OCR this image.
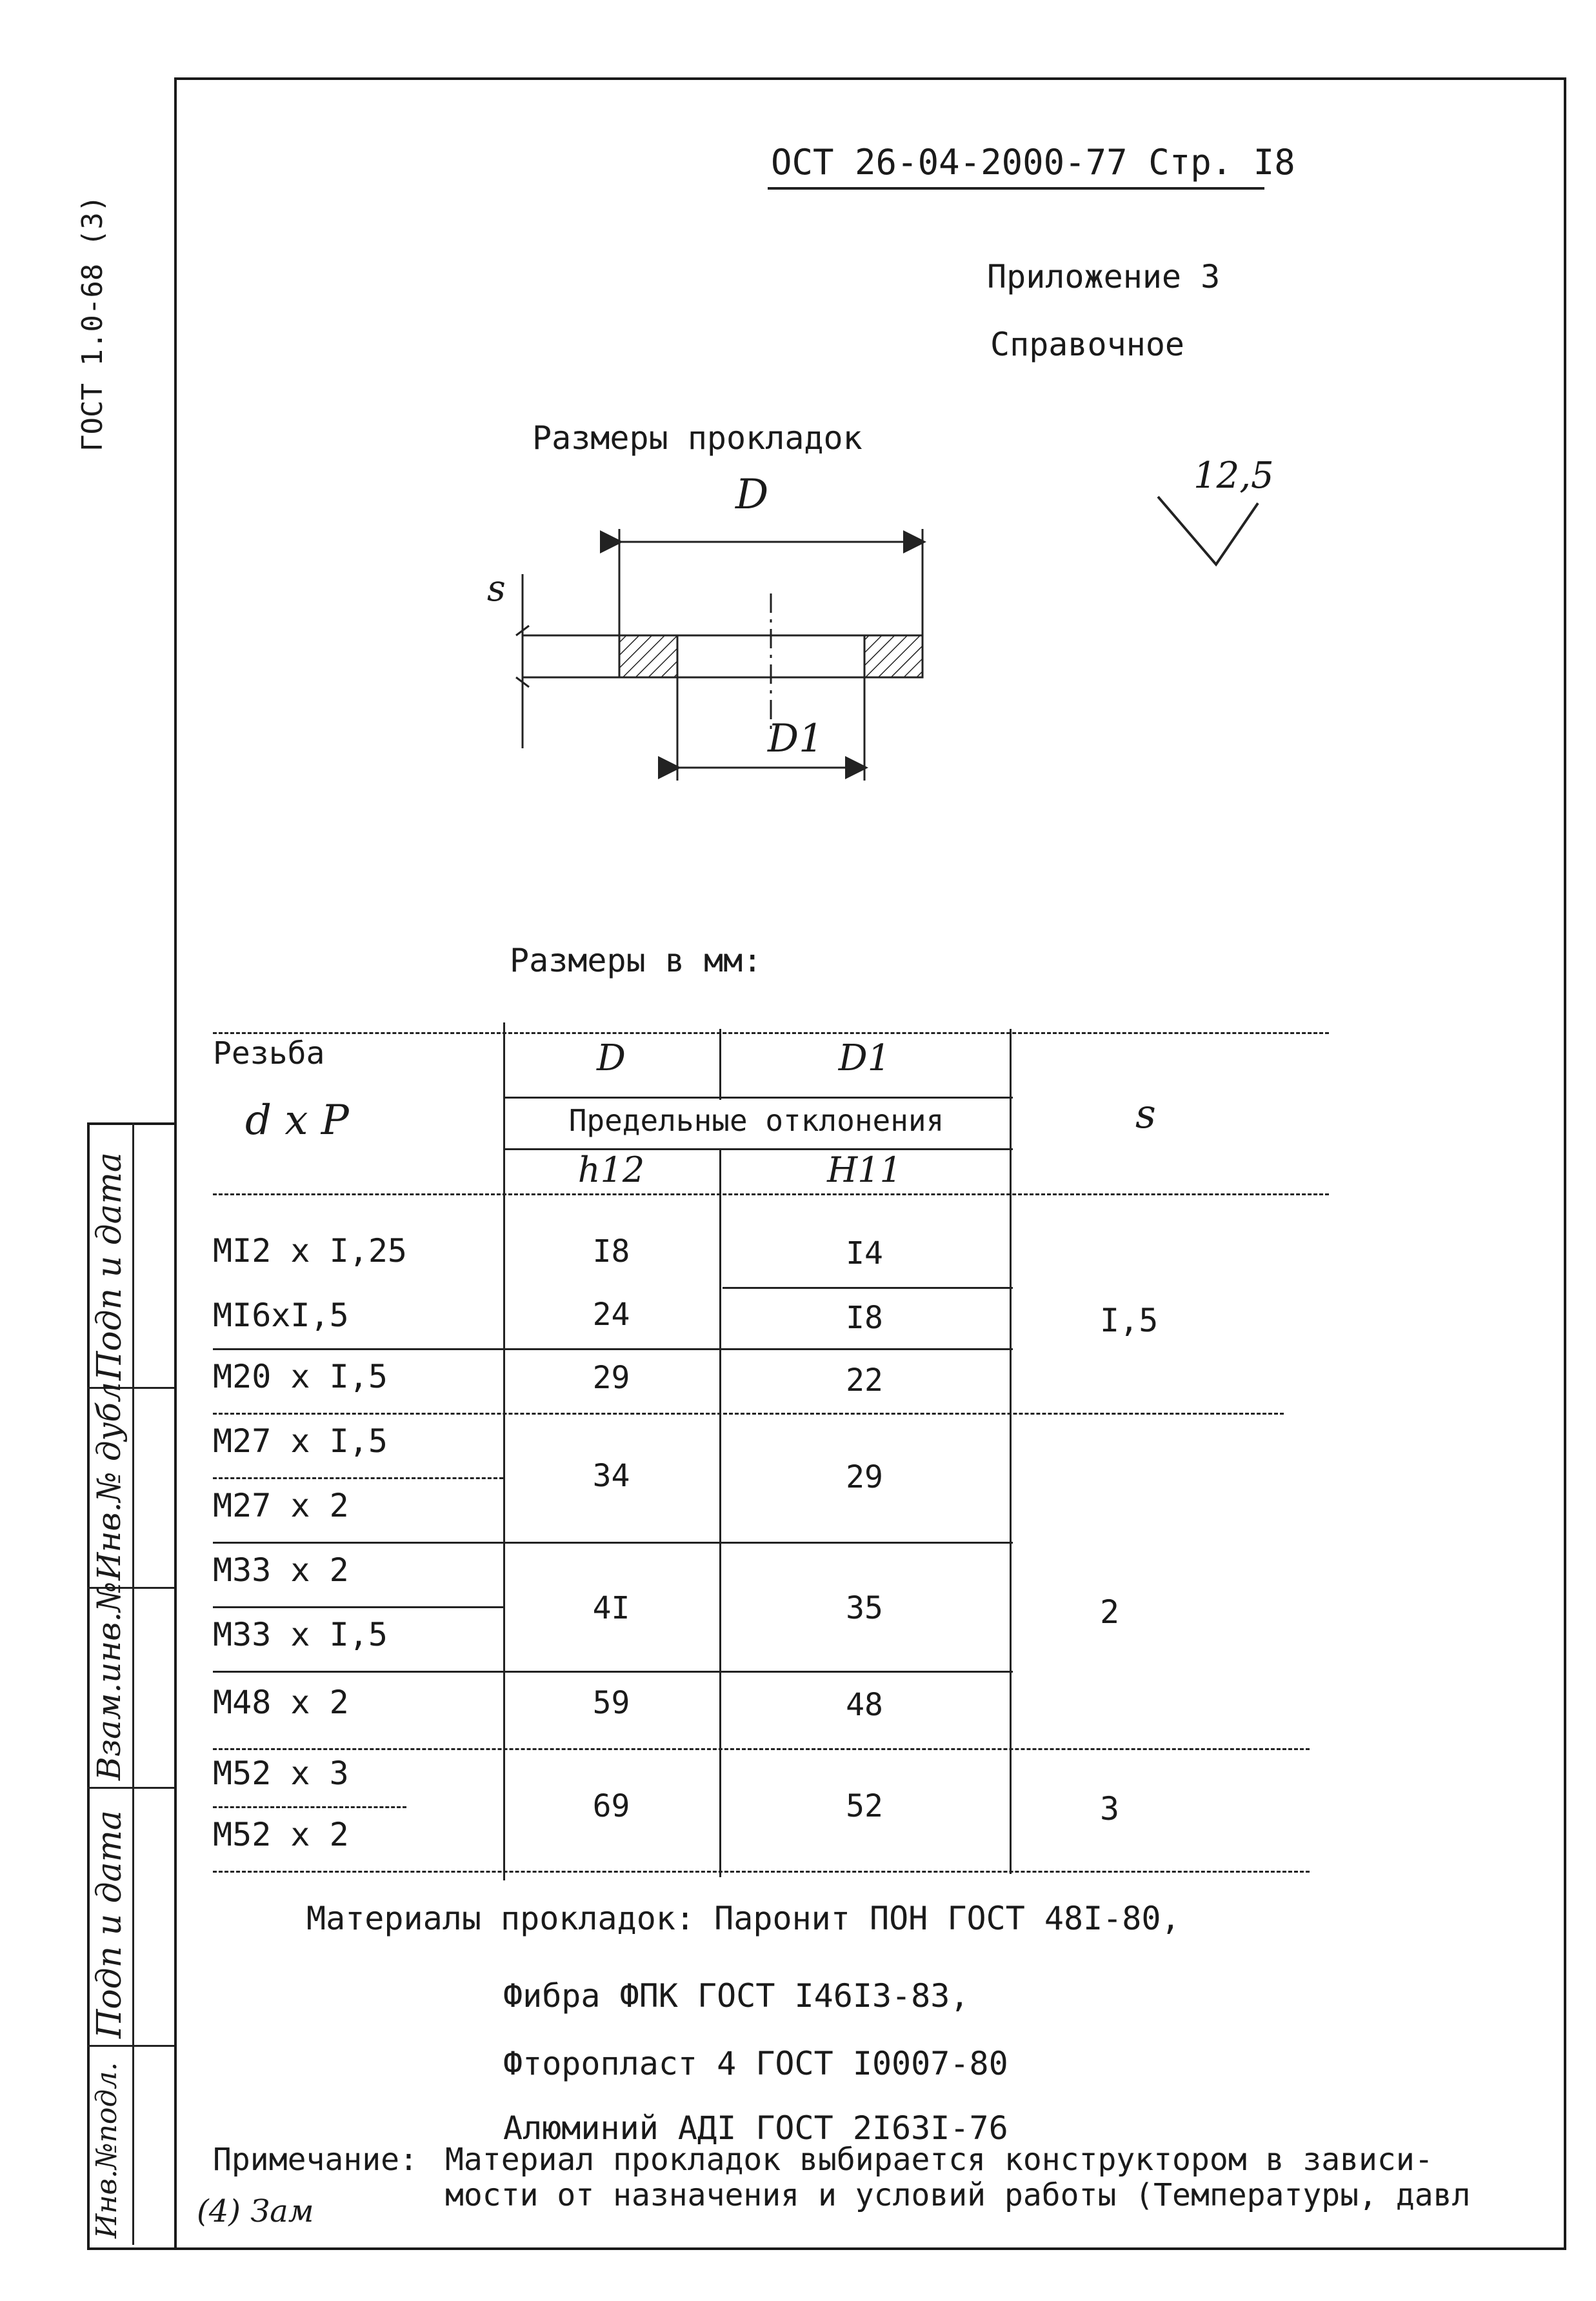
Подп и дата
Инв.№ дубл
Взам.инв.№
Подп и дата
Инв.№подл.
ГОСТ 1.0-68 (3)
ОСТ 26-04-2000-77 Стр. I8
Приложение 3
Справочное
Размеры прокладок
D
D1
s
12,5
Размеры в мм:
Резьба
d x P
D	D1
Предельные отклонения
h12	H11
s
MI2 x I,25
MI6xI,5
M20 x I,5
M27 x I,5
M27 x 2
M33 x 2
M33 x I,5
M48 x 2
M52 x 3
M52 x 2
I8
24
29
34
4I
59
69
I4
I8
22
29
35
48
52
I,5
2
3
Материалы прокладок: Паронит ПОН ГОСТ 48I-80,
Фибра ФПК ГОСТ I46I3-83,
Фторопласт 4 ГОСТ I0007-80
Алюминий АДI ГОСТ 2I63I-76
Примечание: Материал прокладок выбирается конструктором в зависи-
мости от назначения и условий работы (Температуры, давл
(4) Зам
